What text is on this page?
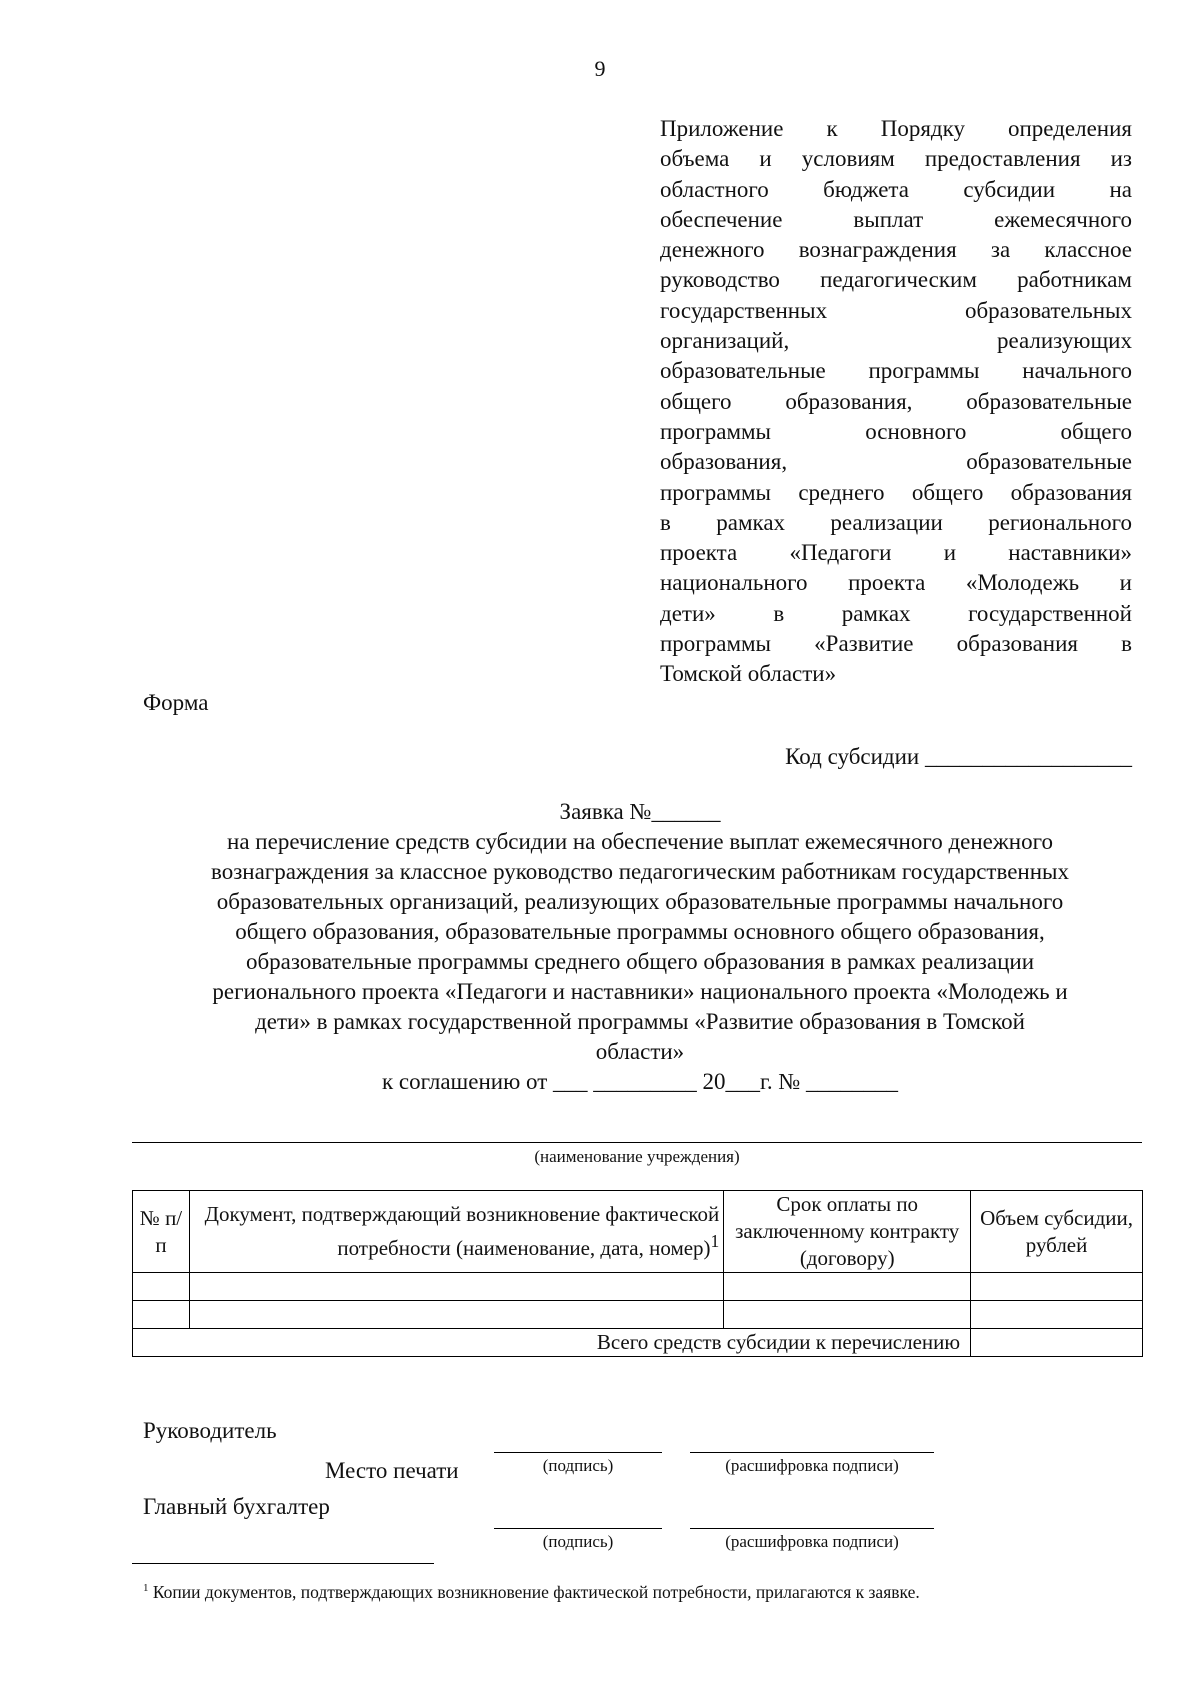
9
Приложение к Порядку определения
объема и условиям предоставления из
областного бюджета субсидии на
обеспечение выплат ежемесячного
денежного вознаграждения за классное
руководство педагогическим работникам
государственных образовательных
организаций, реализующих
образовательные программы начального
общего образования, образовательные
программы основного общего
образования, образовательные
программы среднего общего образования
в рамках реализации регионального
проекта «Педагоги и наставники»
национального проекта «Молодежь и
дети» в рамках государственной
программы «Развитие образования в
Томской области»
Форма
Код субсидии __________________
Заявка №______
на перечисление средств субсидии на обеспечение выплат ежемесячного денежного
вознаграждения за классное руководство педагогическим работникам государственных
образовательных организаций, реализующих образовательные программы начального
общего образования, образовательные программы основного общего образования,
образовательные программы среднего общего образования в рамках реализации
регионального проекта «Педагоги и наставники» национального проекта «Молодежь и
дети» в рамках государственной программы «Развитие образования в Томской
области»
к соглашению от ___ _________ 20___г. № ________
(наименование учреждения)
№ п/п	Документ, подтверждающий возникновение фактической потребности (наименование, дата, номер)$^1$	Срок оплаты по заключенному контракту (договору)	Объем субсидии, рублей

Всего средств субсидии к перечислению			
Руководитель
(подпись)	(расшифровка подписи)
Место печати
Главный бухгалтер
(подпись)	(расшифровка подписи)
$^1$ Копии документов, подтверждающих возникновение фактической потребности, прилагаются к заявке.
